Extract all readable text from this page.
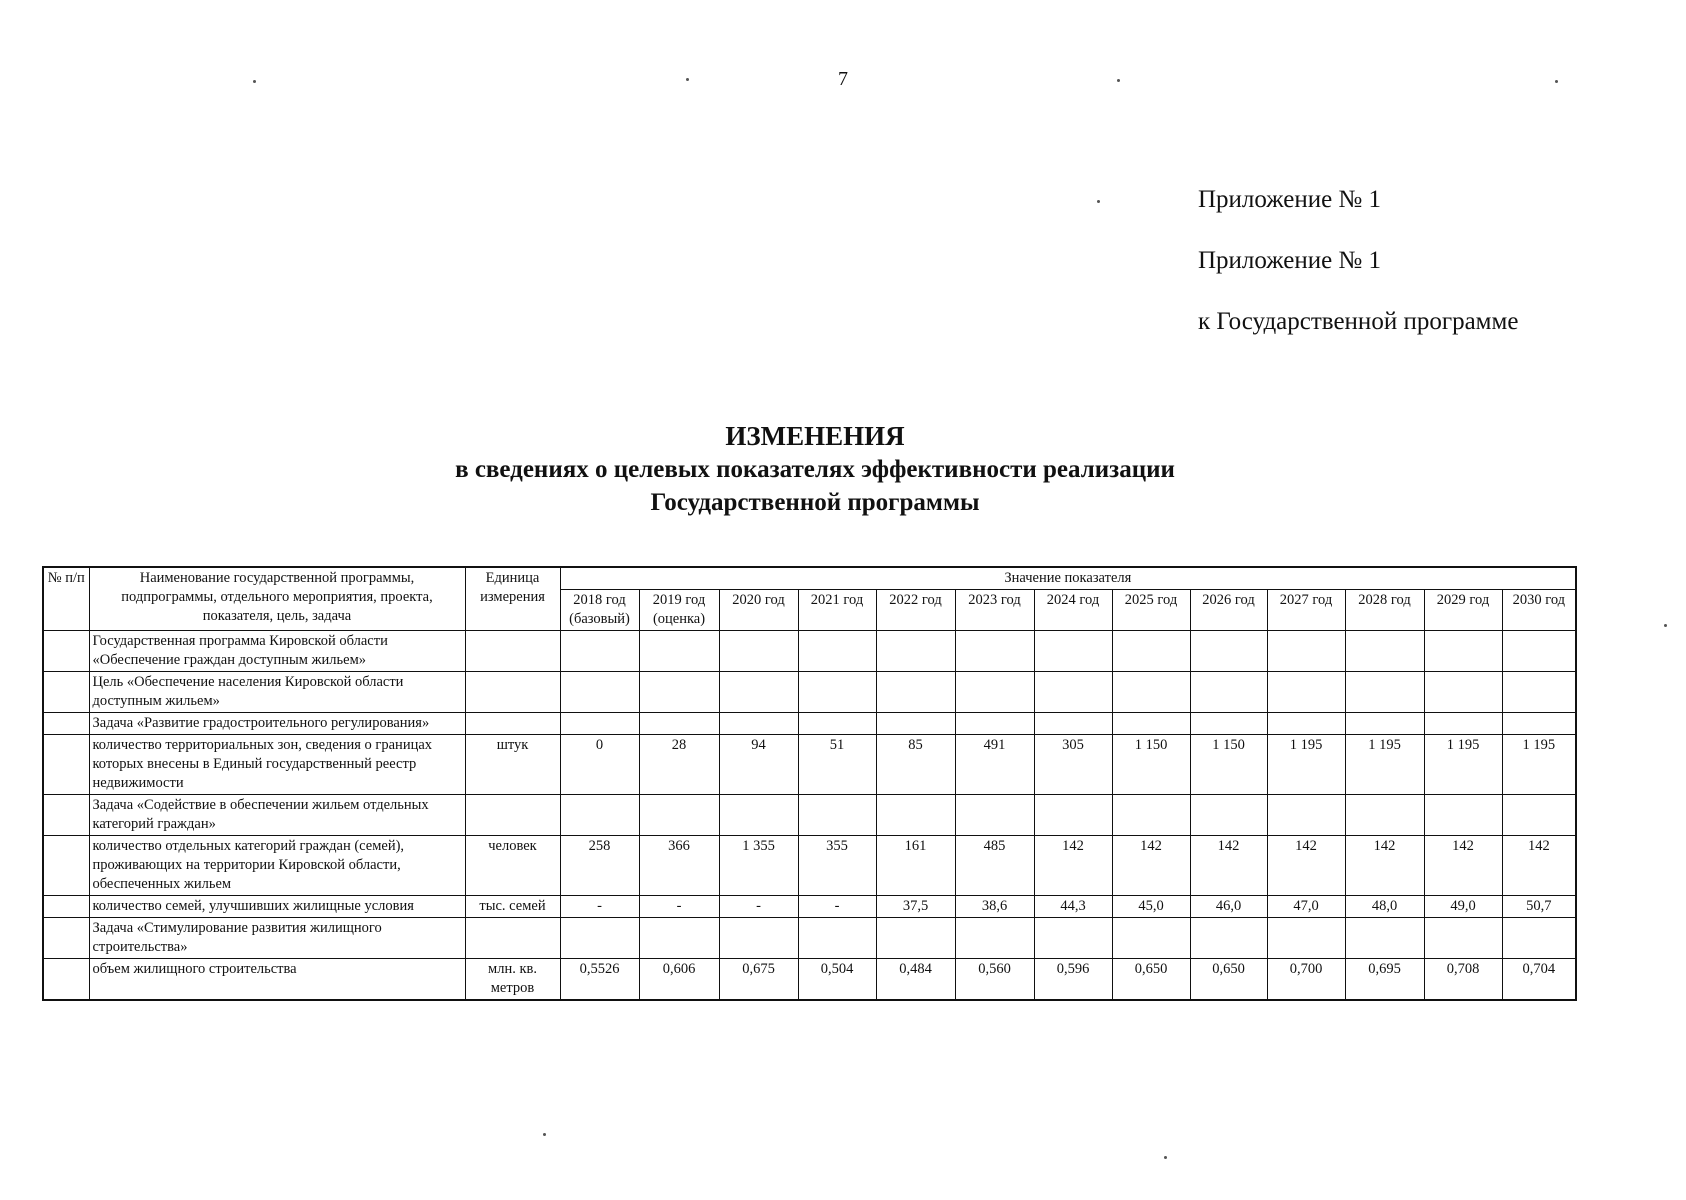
7
Приложение № 1
Приложение № 1
к Государственной программе
ИЗМЕНЕНИЯ
в сведениях о целевых показателях эффективности реализации
Государственной программы
№ п/п	Наименование государственной программы, подпрограммы, отдельного мероприятия, проекта, показателя, цель, задача	Единица измерения	Значение показателя												
			2018 год (базовый)	2019 год (оценка)	2020 год	2021 год	2022 год	2023 год	2024 год	2025 год	2026 год	2027 год	2028 год	2029 год	2030 год
	Государственная программа Кировской области «Обеспечение граждан доступным жильем»														
	Цель «Обеспечение населения Кировской области доступным жильем»														
	Задача «Развитие градостроительного регулирования»														
	количество территориальных зон, сведения о границах которых внесены в Единый государственный реестр недвижимости	штук	0	28	94	51	85	491	305	1 150	1 150	1 195	1 195	1 195	1 195
	Задача «Содействие в обеспечении жильем отдельных категорий граждан»														
	количество отдельных категорий граждан (семей), проживающих на территории Кировской области, обеспеченных жильем	человек	258	366	1 355	355	161	485	142	142	142	142	142	142	142
	количество семей, улучшивших жилищные условия	тыс. семей	-	-	-	-	37,5	38,6	44,3	45,0	46,0	47,0	48,0	49,0	50,7
	Задача «Стимулирование развития жилищного строительства»														
	объем жилищного строительства	млн. кв. метров	0,5526	0,606	0,675	0,504	0,484	0,560	0,596	0,650	0,650	0,700	0,695	0,708	0,704
